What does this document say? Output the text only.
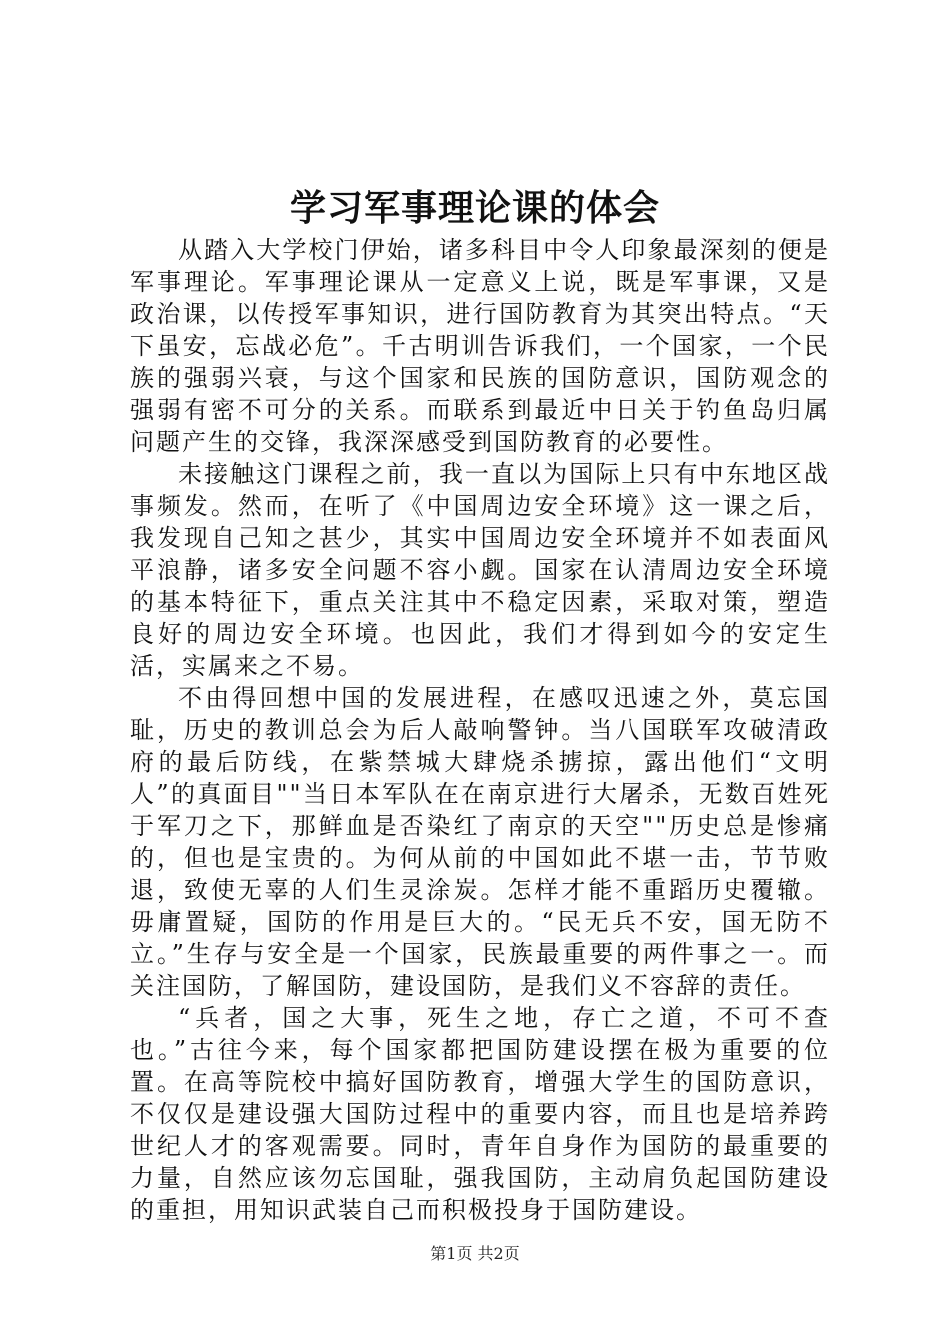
学习军事理论课的体会

从踏入大学校门伊始，诸多科目中令人印象最深刻的便是军事理论。军事理论课从一定意义上说，既是军事课，又是政治课，以传授军事知识，进行国防教育为其突出特点。“天下虽安，忘战必危”。千古明训告诉我们，一个国家，一个民族的强弱兴衰，与这个国家和民族的国防意识，国防观念的强弱有密不可分的关系。而联系到最近中日关于钓鱼岛归属问题产生的交锋，我深深感受到国防教育的必要性。

未接触这门课程之前，我一直以为国际上只有中东地区战事频发。然而，在听了《中国周边安全环境》这一课之后，我发现自己知之甚少，其实中国周边安全环境并不如表面风平浪静，诸多安全问题不容小觑。国家在认清周边安全环境的基本特征下，重点关注其中不稳定因素，采取对策，塑造良好的周边安全环境。也因此，我们才得到如今的安定生活，实属来之不易。

不由得回想中国的发展进程，在感叹迅速之外，莫忘国耻，历史的教训总会为后人敲响警钟。当八国联军攻破清政府的最后防线，在紫禁城大肆烧杀掳掠，露出他们“文明人”的真面目""当日本军队在在南京进行大屠杀，无数百姓死于军刀之下，那鲜血是否染红了南京的天空""历史总是惨痛的，但也是宝贵的。为何从前的中国如此不堪一击，节节败退，致使无辜的人们生灵涂炭。怎样才能不重蹈历史覆辙。毋庸置疑，国防的作用是巨大的。“民无兵不安，国无防不立。”生存与安全是一个国家，民族最重要的两件事之一。而关注国防，了解国防，建设国防，是我们义不容辞的责任。

“兵者，国之大事，死生之地，存亡之道，不可不查也。”古往今来，每个国家都把国防建设摆在极为重要的位置。在高等院校中搞好国防教育，增强大学生的国防意识，不仅仅是建设强大国防过程中的重要内容，而且也是培养跨世纪人才的客观需要。同时，青年自身作为国防的最重要的力量，自然应该勿忘国耻，强我国防，主动肩负起国防建设的重担，用知识武装自己而积极投身于国防建设。

第1页 共2页
